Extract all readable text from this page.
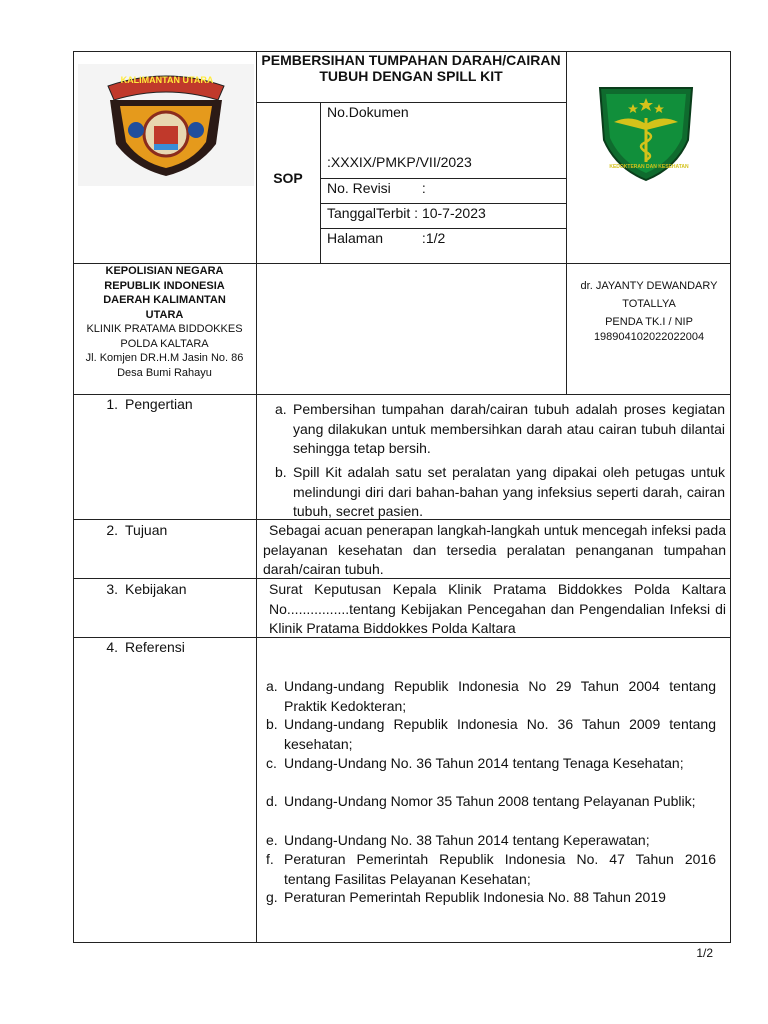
KALIMANTAN UTARA
PEMBERSIHAN TUMPAHAN DARAH/CAIRAN TUBUH DENGAN SPILL KIT
SOP
No.Dokumen
:XXXIX/PMKP/VII/2023
No. Revisi        :
TanggalTerbit : 10-7-2023
Halaman          :1/2
KEDOKTERAN DAN KESEHATAN
KEPOLISIAN NEGARA
REPUBLIK INDONESIA
DAERAH KALIMANTAN
UTARA
KLINIK PRATAMA BIDDOKKES
POLDA KALTARA
Jl. Komjen DR.H.M Jasin No. 86
Desa Bumi Rahayu
dr. JAYANTY DEWANDARY
TOTALLYA
PENDA TK.I / NIP
198904102022022004
1. Pengertian	a. Pembersihan tumpahan darah/cairan tubuh adalah proses kegiatan yang dilakukan untuk membersihkan darah atau cairan tubuh dilantai sehingga tetap bersih.
b. Spill Kit adalah satu set peralatan yang dipakai oleh petugas untuk melindungi diri dari bahan-bahan yang infeksius seperti darah, cairan tubuh, secret pasien.
2. Tujuan	Sebagai acuan penerapan langkah-langkah untuk mencegah infeksi pada pelayanan kesehatan dan tersedia peralatan penanganan tumpahan darah/cairan tubuh.
3. Kebijakan	Surat Keputusan Kepala Klinik Pratama Biddokkes Polda Kaltara No................tentang Kebijakan Pencegahan dan Pengendalian Infeksi di Klinik Pratama Biddokkes Polda Kaltara
4. Referensi
a. Undang-undang Republik Indonesia No 29 Tahun 2004 tentang Praktik Kedokteran;
b. Undang-undang Republik Indonesia No. 36 Tahun 2009 tentang kesehatan;
c. Undang-Undang No. 36 Tahun 2014 tentang Tenaga Kesehatan;
d. Undang-Undang Nomor 35 Tahun 2008 tentang Pelayanan Publik;
e. Undang-Undang No. 38 Tahun 2014 tentang Keperawatan;
f. Peraturan Pemerintah Republik Indonesia No. 47 Tahun 2016 tentang Fasilitas Pelayanan Kesehatan;
g. Peraturan Pemerintah Republik Indonesia No. 88 Tahun 2019
1/2
